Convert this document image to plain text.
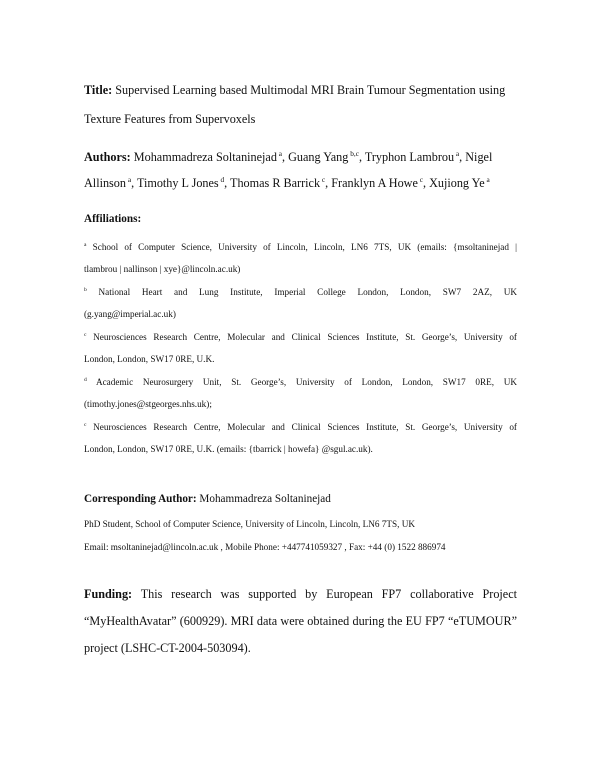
Title: Supervised Learning based Multimodal MRI Brain Tumour Segmentation using
Texture Features from Supervoxels
Authors: Mohammadreza Soltaninejad $^a$, Guang Yang $^{b,c}$, Tryphon Lambrou $^a$, Nigel
Allinson $^a$, Timothy L Jones $^d$, Thomas R Barrick $^c$, Franklyn A Howe $^c$, Xujiong Ye $^a$
Affiliations:
$^a$ School of Computer Science, University of Lincoln, Lincoln, LN6 7TS, UK (emails: {msoltaninejad |
tlambrou | nallinson | xye}@lincoln.ac.uk)
$^b$ National Heart and Lung Institute, Imperial College London, London, SW7 2AZ, UK
(g.yang@imperial.ac.uk)
$^c$ Neurosciences Research Centre, Molecular and Clinical Sciences Institute, St. George’s, University of
London, London, SW17 0RE, U.K.
$^d$ Academic Neurosurgery Unit, St. George’s, University of London, London, SW17 0RE, UK
(timothy.jones@stgeorges.nhs.uk);
$^c$ Neurosciences Research Centre, Molecular and Clinical Sciences Institute, St. George’s, University of
London, London, SW17 0RE, U.K. (emails: {tbarrick | howefa} @sgul.ac.uk).
Corresponding Author: Mohammadreza Soltaninejad
PhD Student, School of Computer Science, University of Lincoln, Lincoln, LN6 7TS, UK
Email: msoltaninejad@lincoln.ac.uk , Mobile Phone: +447741059327 , Fax: +44 (0) 1522 886974
Funding: This research was supported by European FP7 collaborative Project
“MyHealthAvatar” (600929). MRI data were obtained during the EU FP7 “eTUMOUR”
project (LSHC-CT-2004-503094).
